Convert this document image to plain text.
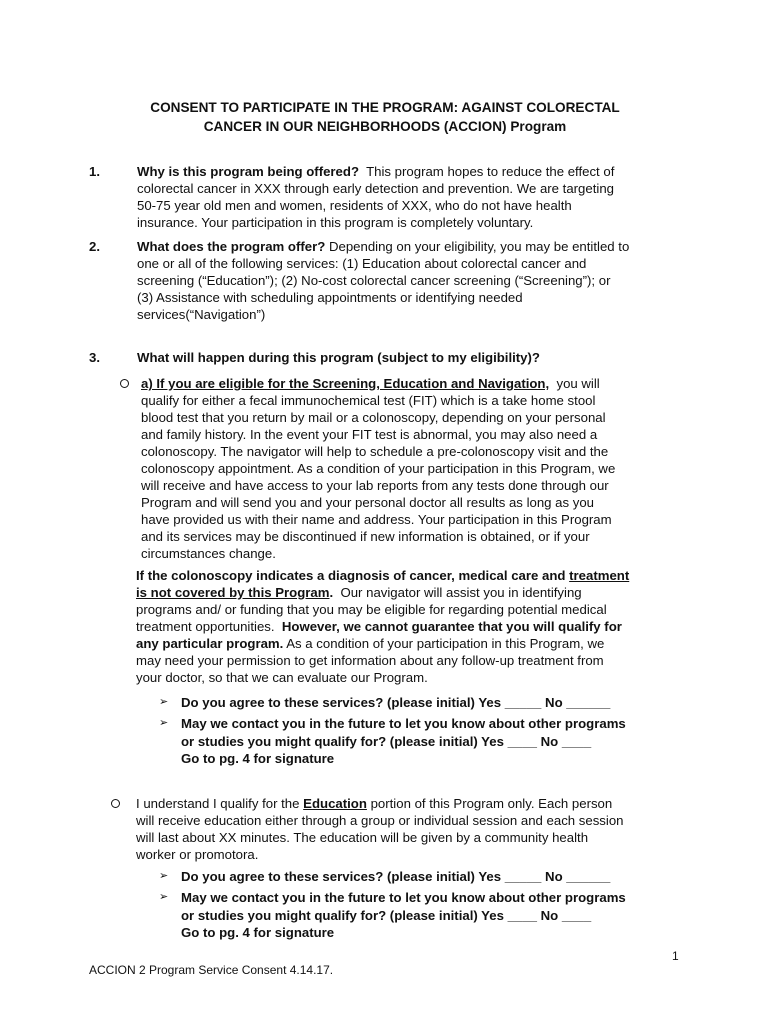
CONSENT TO PARTICIPATE IN THE PROGRAM: AGAINST COLORECTAL
CANCER IN OUR NEIGHBORHOODS (ACCION) Program
1.	Why is this program being offered? This program hopes to reduce the effect of
colorectal cancer in XXX through early detection and prevention. We are targeting
50-75 year old men and women, residents of XXX, who do not have health
insurance. Your participation in this program is completely voluntary.
2.	What does the program offer? Depending on your eligibility, you may be entitled to
one or all of the following services: (1) Education about colorectal cancer and
screening (“Education”); (2) No-cost colorectal cancer screening (“Screening”); or
(3) Assistance with scheduling appointments or identifying needed
services(“Navigation”)
3.	What will happen during this program (subject to my eligibility)?
a) If you are eligible for the Screening, Education and Navigation, you will
qualify for either a fecal immunochemical test (FIT) which is a take home stool
blood test that you return by mail or a colonoscopy, depending on your personal
and family history. In the event your FIT test is abnormal, you may also need a
colonoscopy. The navigator will help to schedule a pre-colonoscopy visit and the
colonoscopy appointment. As a condition of your participation in this Program, we
will receive and have access to your lab reports from any tests done through our
Program and will send you and your personal doctor all results as long as you
have provided us with their name and address. Your participation in this Program
and its services may be discontinued if new information is obtained, or if your
circumstances change.
If the colonoscopy indicates a diagnosis of cancer, medical care and treatment
is not covered by this Program. Our navigator will assist you in identifying
programs and/ or funding that you may be eligible for regarding potential medical
treatment opportunities. However, we cannot guarantee that you will qualify for
any particular program. As a condition of your participation in this Program, we
may need your permission to get information about any follow-up treatment from
your doctor, so that we can evaluate our Program.
➢ Do you agree to these services? (please initial) Yes _____ No ______
➢ May we contact you in the future to let you know about other programs
or studies you might qualify for? (please initial) Yes ____ No ____
Go to pg. 4 for signature
I understand I qualify for the Education portion of this Program only. Each person
will receive education either through a group or individual session and each session
will last about XX minutes. The education will be given by a community health
worker or promotora.
➢ Do you agree to these services? (please initial) Yes _____ No ______
➢ May we contact you in the future to let you know about other programs
or studies you might qualify for? (please initial) Yes ____ No ____
Go to pg. 4 for signature
1
ACCION 2 Program Service Consent 4.14.17.
